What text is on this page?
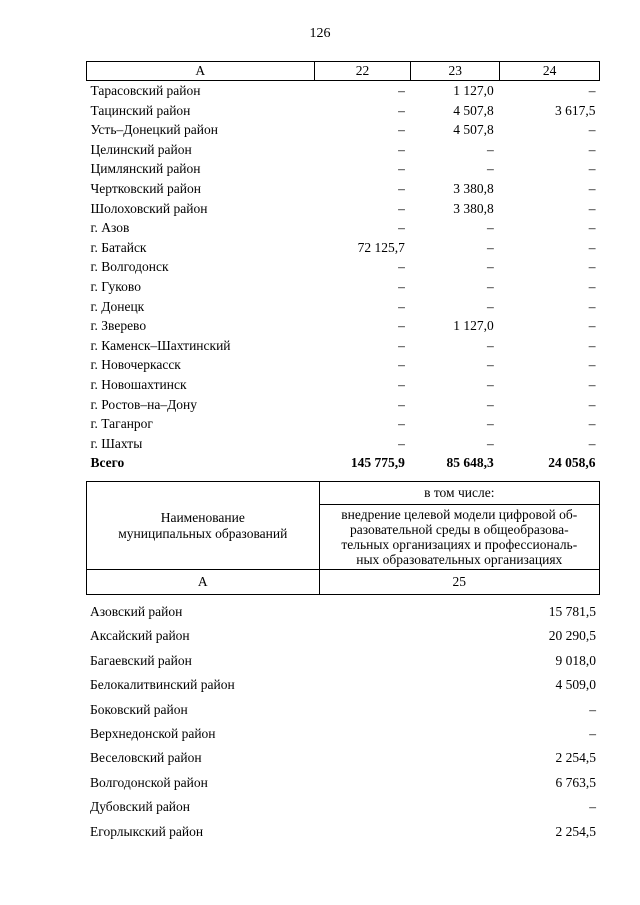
126
А	22	23	24
Тарасовский район	–	1 127,0	–
Тацинский район	–	4 507,8	3 617,5
Усть–Донецкий район	–	4 507,8	–
Целинский район	–	–	–
Цимлянский район	–	–	–
Чертковский район	–	3 380,8	–
Шолоховский район	–	3 380,8	–
г. Азов	–	–	–
г. Батайск	72 125,7	–	–
г. Волгодонск	–	–	–
г. Гуково	–	–	–
г. Донецк	–	–	–
г. Зверево	–	1 127,0	–
г. Каменск–Шахтинский	–	–	–
г. Новочеркасск	–	–	–
г. Новошахтинск	–	–	–
г. Ростов–на–Дону	–	–	–
г. Таганрог	–	–	–
г. Шахты	–	–	–
Всего	145 775,9	85 648,3	24 058,6
Наименование
муниципальных образований	в том числе:

	внедрение целевой модели цифровой об-
разовательной среды в общеобразова-
тельных организациях и профессиональ-
ных образовательных организациях

А	25
Азовский район	15 781,5
Аксайский район	20 290,5
Багаевский район	9 018,0
Белокалитвинский район	4 509,0
Боковский район	–
Верхнедонской район	–
Веселовский район	2 254,5
Волгодонской район	6 763,5
Дубовский район	–
Егорлыкский район	2 254,5
